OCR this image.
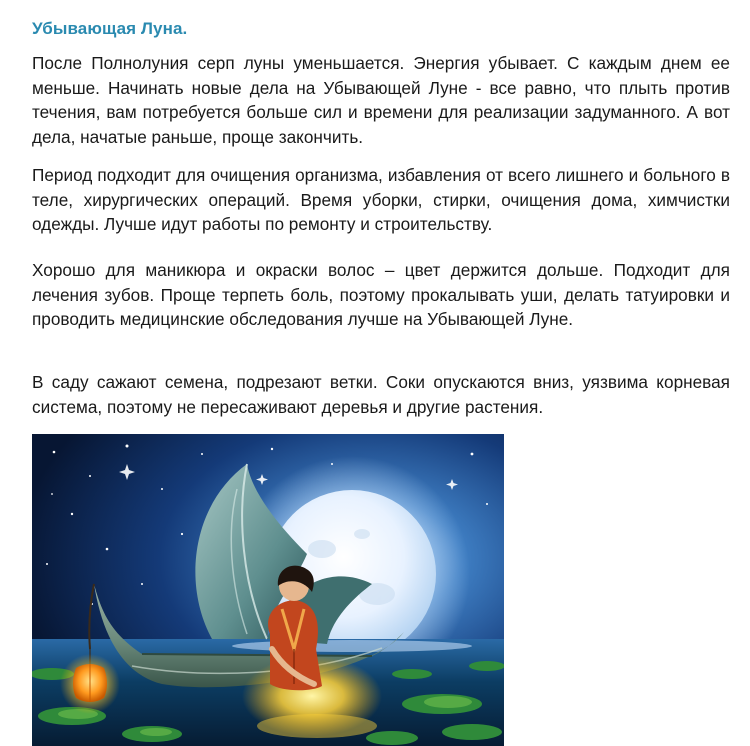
Убывающая Луна.

После Полнолуния серп луны уменьшается. Энергия убывает. С каждым днем ее меньше. Начинать новые дела на Убывающей Луне - все равно, что плыть против течения, вам потребуется больше сил и времени для реализации задуманного. А вот дела, начатые раньше, проще закончить.

Период подходит для очищения организма, избавления от всего лишнего и больного в теле, хирургических операций. Время уборки, стирки, очищения дома, химчистки одежды. Лучше идут работы по ремонту и строительству.

Хорошо для маникюра и окраски волос – цвет держится дольше. Подходит для лечения зубов. Проще терпеть боль, поэтому прокалывать уши, делать татуировки и проводить медицинские обследования лучше на Убывающей Луне.

В саду сажают семена, подрезают ветки. Соки опускаются вниз, уязвима корневая система, поэтому не пересаживают деревья и другие растения.
